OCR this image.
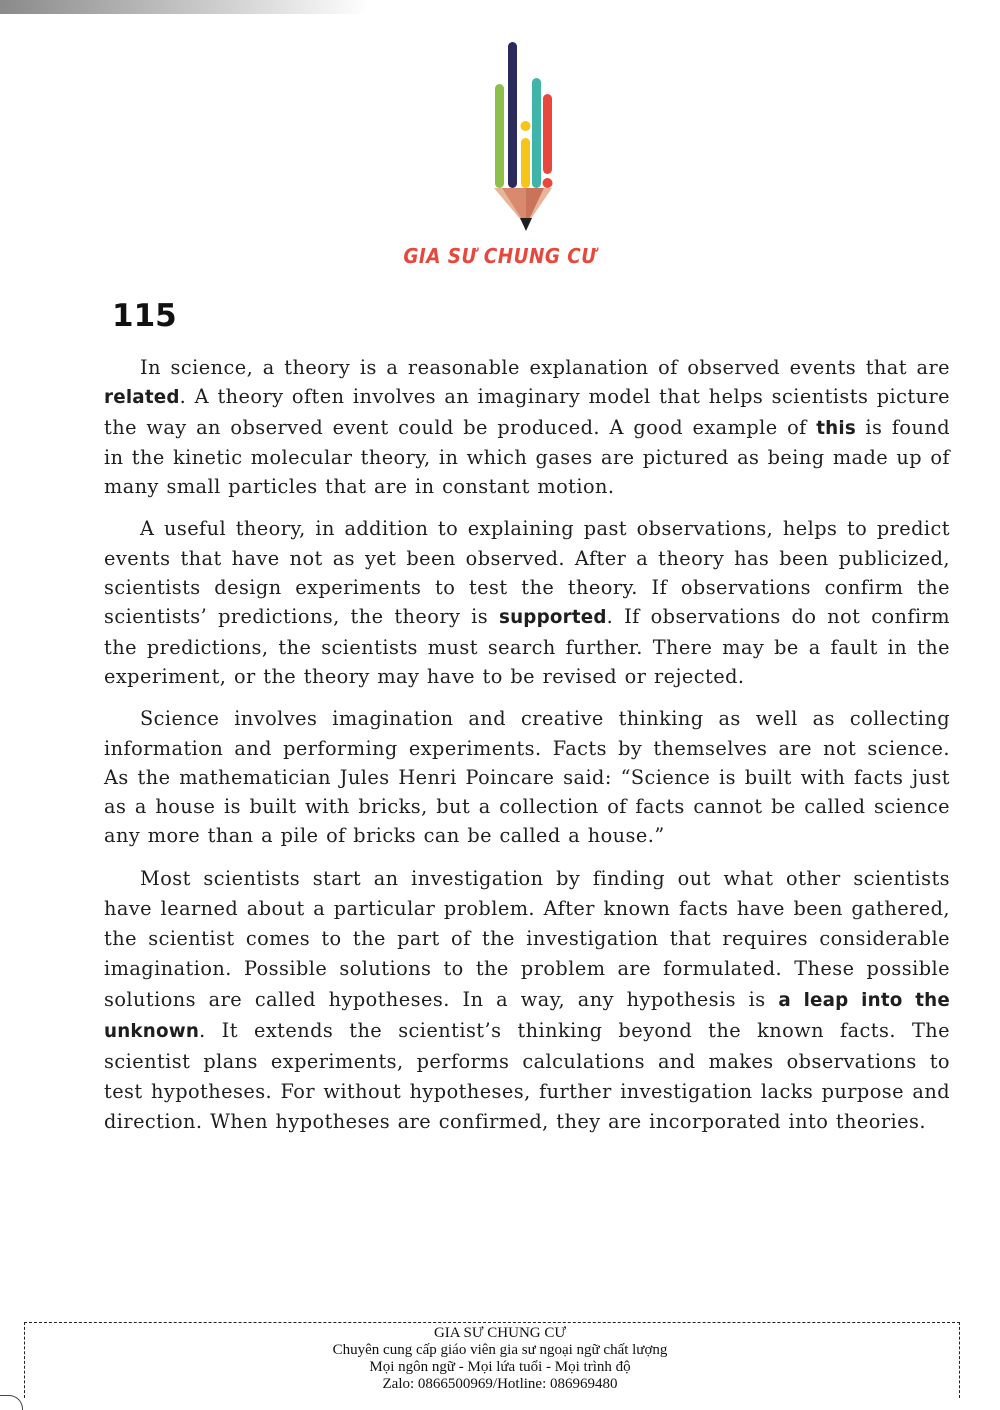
GIA SƯ CHUNG CƯ
115

In science, a theory is a reasonable explanation of observed events that are related. A theory often involves an imaginary model that helps scientists picture the way an observed event could be produced. A good example of this is found in the kinetic molecular theory, in which gases are pictured as being made up of many small particles that are in constant motion.

A useful theory, in addition to explaining past observations, helps to predict events that have not as yet been observed. After a theory has been publicized, scientists design experiments to test the theory. If observations confirm the scientists’ predictions, the theory is supported. If observations do not confirm the predictions, the scientists must search further. There may be a fault in the experiment, or the theory may have to be revised or rejected.

Science involves imagination and creative thinking as well as collecting information and performing experiments. Facts by themselves are not science. As the mathematician Jules Henri Poincare said: “Science is built with facts just as a house is built with bricks, but a collection of facts cannot be called science any more than a pile of bricks can be called a house.”

Most scientists start an investigation by finding out what other scientists have learned about a particular problem. After known facts have been gathered, the scientist comes to the part of the investigation that requires considerable imagination. Possible solutions to the problem are formulated. These possible solutions are called hypotheses. In a way, any hypothesis is a leap into the unknown. It extends the scientist’s thinking beyond the known facts. The scientist plans experiments, performs calculations and makes observations to test hypotheses. For without hypotheses, further investigation lacks purpose and direction. When hypotheses are confirmed, they are incorporated into theories.

GIA SƯ CHUNG CƯ
Chuyên cung cấp giáo viên gia sư ngoại ngữ chất lượng
Mọi ngôn ngữ - Mọi lứa tuổi - Mọi trình độ
Zalo: 0866500969/Hotline: 086969480
